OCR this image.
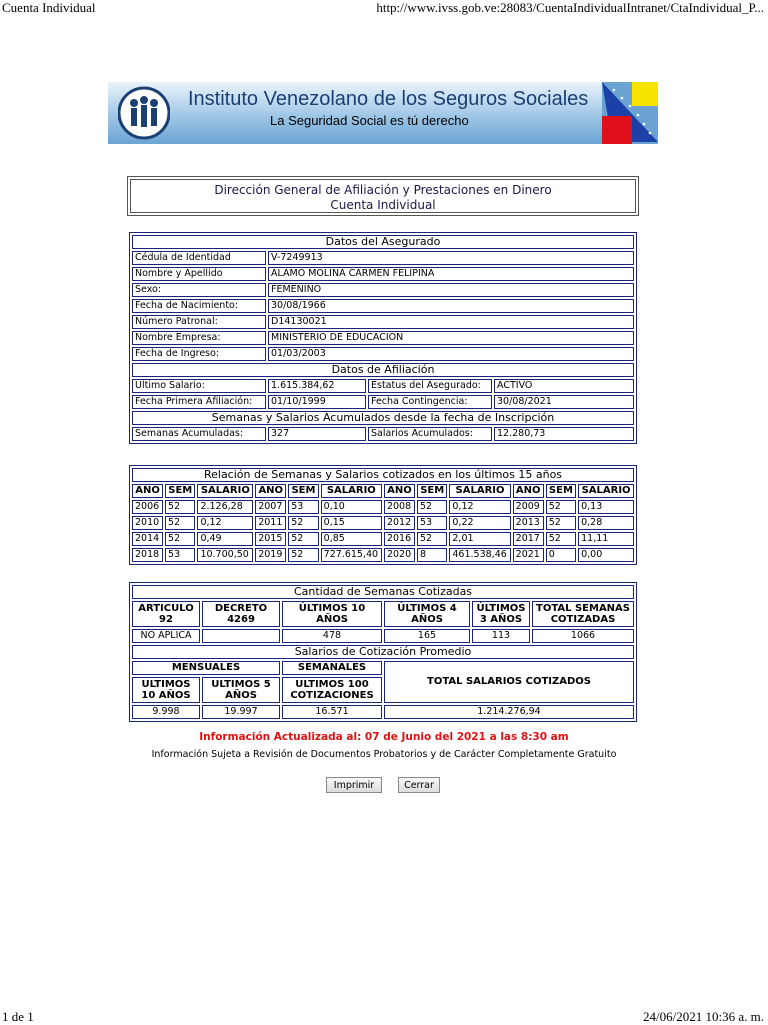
Cuenta Individual	http://www.ivss.gob.ve:28083/CuentaIndividualIntranet/CtaIndividual_P...
Instituto Venezolano de los Seguros Sociales
La Seguridad Social es tú derecho
Dirección General de Afiliación y Prestaciones en Dinero
Cuenta Individual
Datos del Asegurado			
Cédula de Identidad	V-7249913		
Nombre y Apellido	ALAMO MOLINA CARMEN FELIPINA		
Sexo:	FEMENINO		
Fecha de Nacimiento:	30/08/1966		
Número Patronal:	D14130021		
Nombre Empresa:	MINISTERIO DE EDUCACION		
Fecha de Ingreso:	01/03/2003		
Datos de Afiliación			
Último Salario:	1.615.384,62	Estatus del Asegurado:	ACTIVO
Fecha Primera Afiliación:	01/10/1999	Fecha Contingencia:	30/08/2021
Semanas y Salarios Acumulados desde la fecha de Inscripción			
Semanas Acumuladas:	327	Salarios Acumulados:	12.280,73
Relación de Semanas y Salarios cotizados en los últimos 15 años											
AÑO	SEM	SALARIO	AÑO	SEM	SALARIO	AÑO	SEM	SALARIO	AÑO	SEM	SALARIO
2006	52	2.126,28	2007	53	0,10	2008	52	0,12	2009	52	0,13
2010	52	0,12	2011	52	0,15	2012	53	0,22	2013	52	0,28
2014	52	0,49	2015	52	0,85	2016	52	2,01	2017	52	11,11
2018	53	10.700,50	2019	52	727.615,40	2020	8	461.538,46	2021	0	0,00
Cantidad de Semanas Cotizadas					
ARTICULO 92	DECRETO 4269	ÚLTIMOS 10 AÑOS	ÚLTIMOS 4 AÑOS	ÚLTIMOS 3 AÑOS	TOTAL SEMANAS COTIZADAS
NO APLICA		478	165	113	1066
Salarios de Cotización Promedio					
MENSUALES		SEMANALES	TOTAL SALARIOS COTIZADOS		
ULTIMOS 10 AÑOS	ULTIMOS 5 AÑOS	ULTIMOS 100 COTIZACIONES			
9.998	19.997	16.571	1.214.276,94		
Información Actualizada al: 07 de Junio del 2021 a las 8:30 am
Información Sujeta a Revisión de Documentos Probatorios y de Carácter Completamente Gratuito
Imprimir	Cerrar
1 de 1	24/06/2021 10:36 a. m.
